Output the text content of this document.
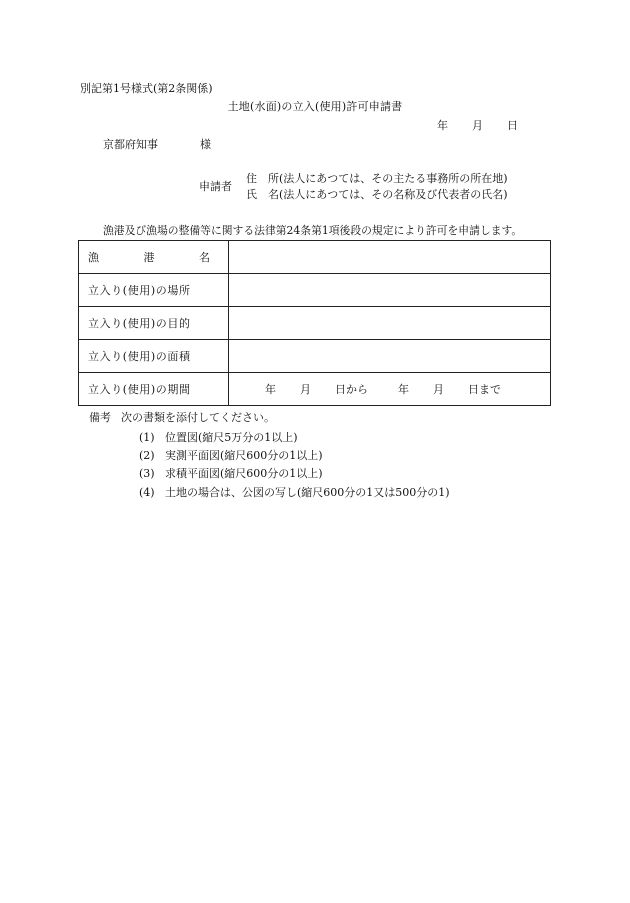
別記第1号様式(第2条関係)
土地(水面)の立入(使用)許可申請書
年 月 日
京都府知事	様
申請者
住　所(法人にあつては、その主たる事務所の所在地)
氏　名(法人にあつては、その名称及び代表者の氏名)
漁港及び漁場の整備等に関する法律第24条第1項後段の規定により許可を申請します。
漁 港 名	

立入り(使用)の場所	
立入り(使用)の目的	
立入り(使用)の面積	
立入り(使用)の期間	年 月 日から 年 月 日まで
備考 次の書類を添付してください。
(1) 位置図(縮尺5万分の1以上)
(2) 実測平面図(縮尺600分の1以上)
(3) 求積平面図(縮尺600分の1以上)
(4) 土地の場合は、公図の写し(縮尺600分の1又は500分の1)
